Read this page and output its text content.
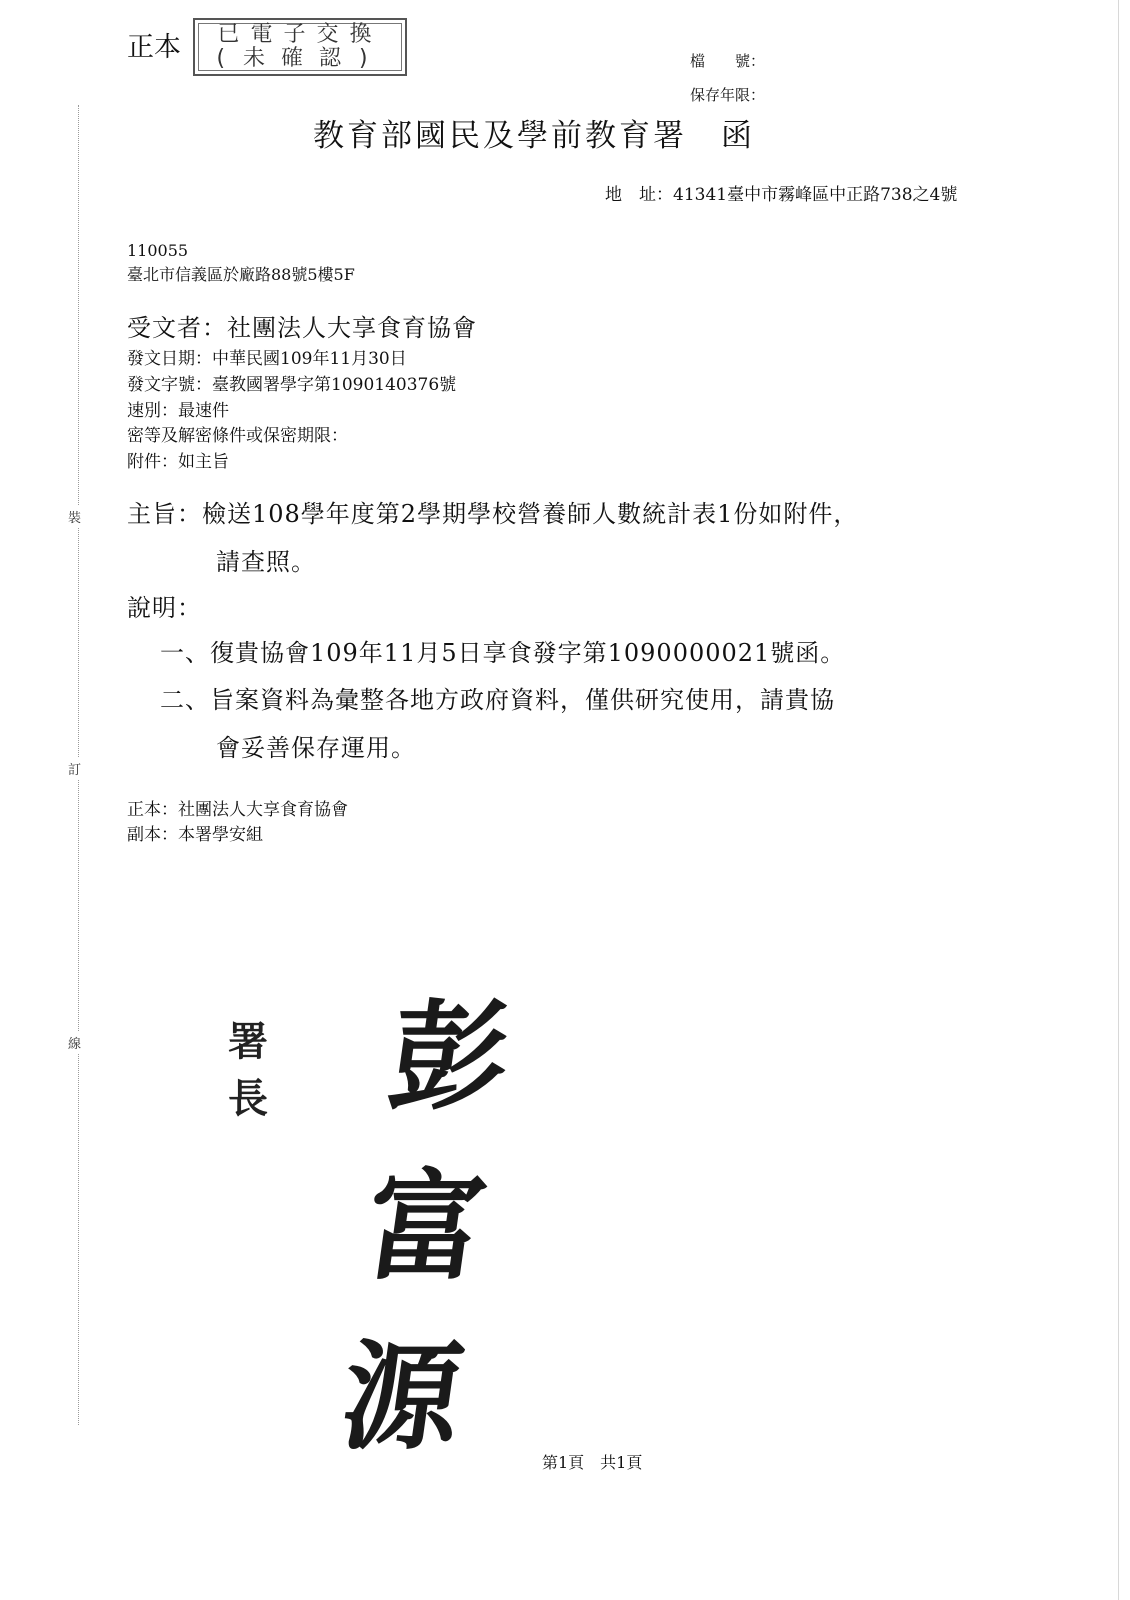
裝
訂
線
正本 已電子交換
(未確認)	檔　　號：
保存年限：
教育部國民及學前教育署　函
地　址：41341臺中市霧峰區中正路738之4號
110055
臺北市信義區於廠路88號5樓5F
受文者：社團法人大享食育協會
發文日期：中華民國109年11月30日
發文字號：臺教國署學字第1090140376號
速別：最速件
密等及解密條件或保密期限：
附件：如主旨
主旨：檢送108學年度第2學期學校營養師人數統計表1份如附件，
請查照。
說明：
一、復貴協會109年11月5日享食發字第1090000021號函。
二、旨案資料為彙整各地方政府資料，僅供研究使用，請貴協
會妥善保存運用。
正本：社團法人大享食育協會
副本：本署學安組
署長 彭富源	第1頁　共1頁
